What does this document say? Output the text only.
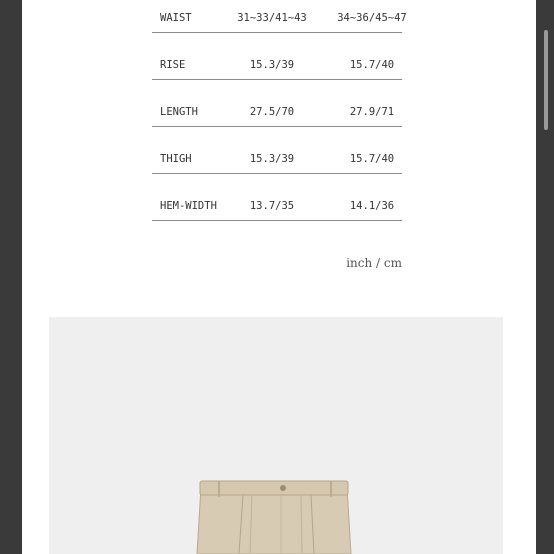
WAIST	31~33/41~43	34~36/45~47
RISE	15.3/39	15.7/40
LENGTH	27.5/70	27.9/71
THIGH	15.3/39	15.7/40
HEM-WIDTH	13.7/35	14.1/36
inch / cm
